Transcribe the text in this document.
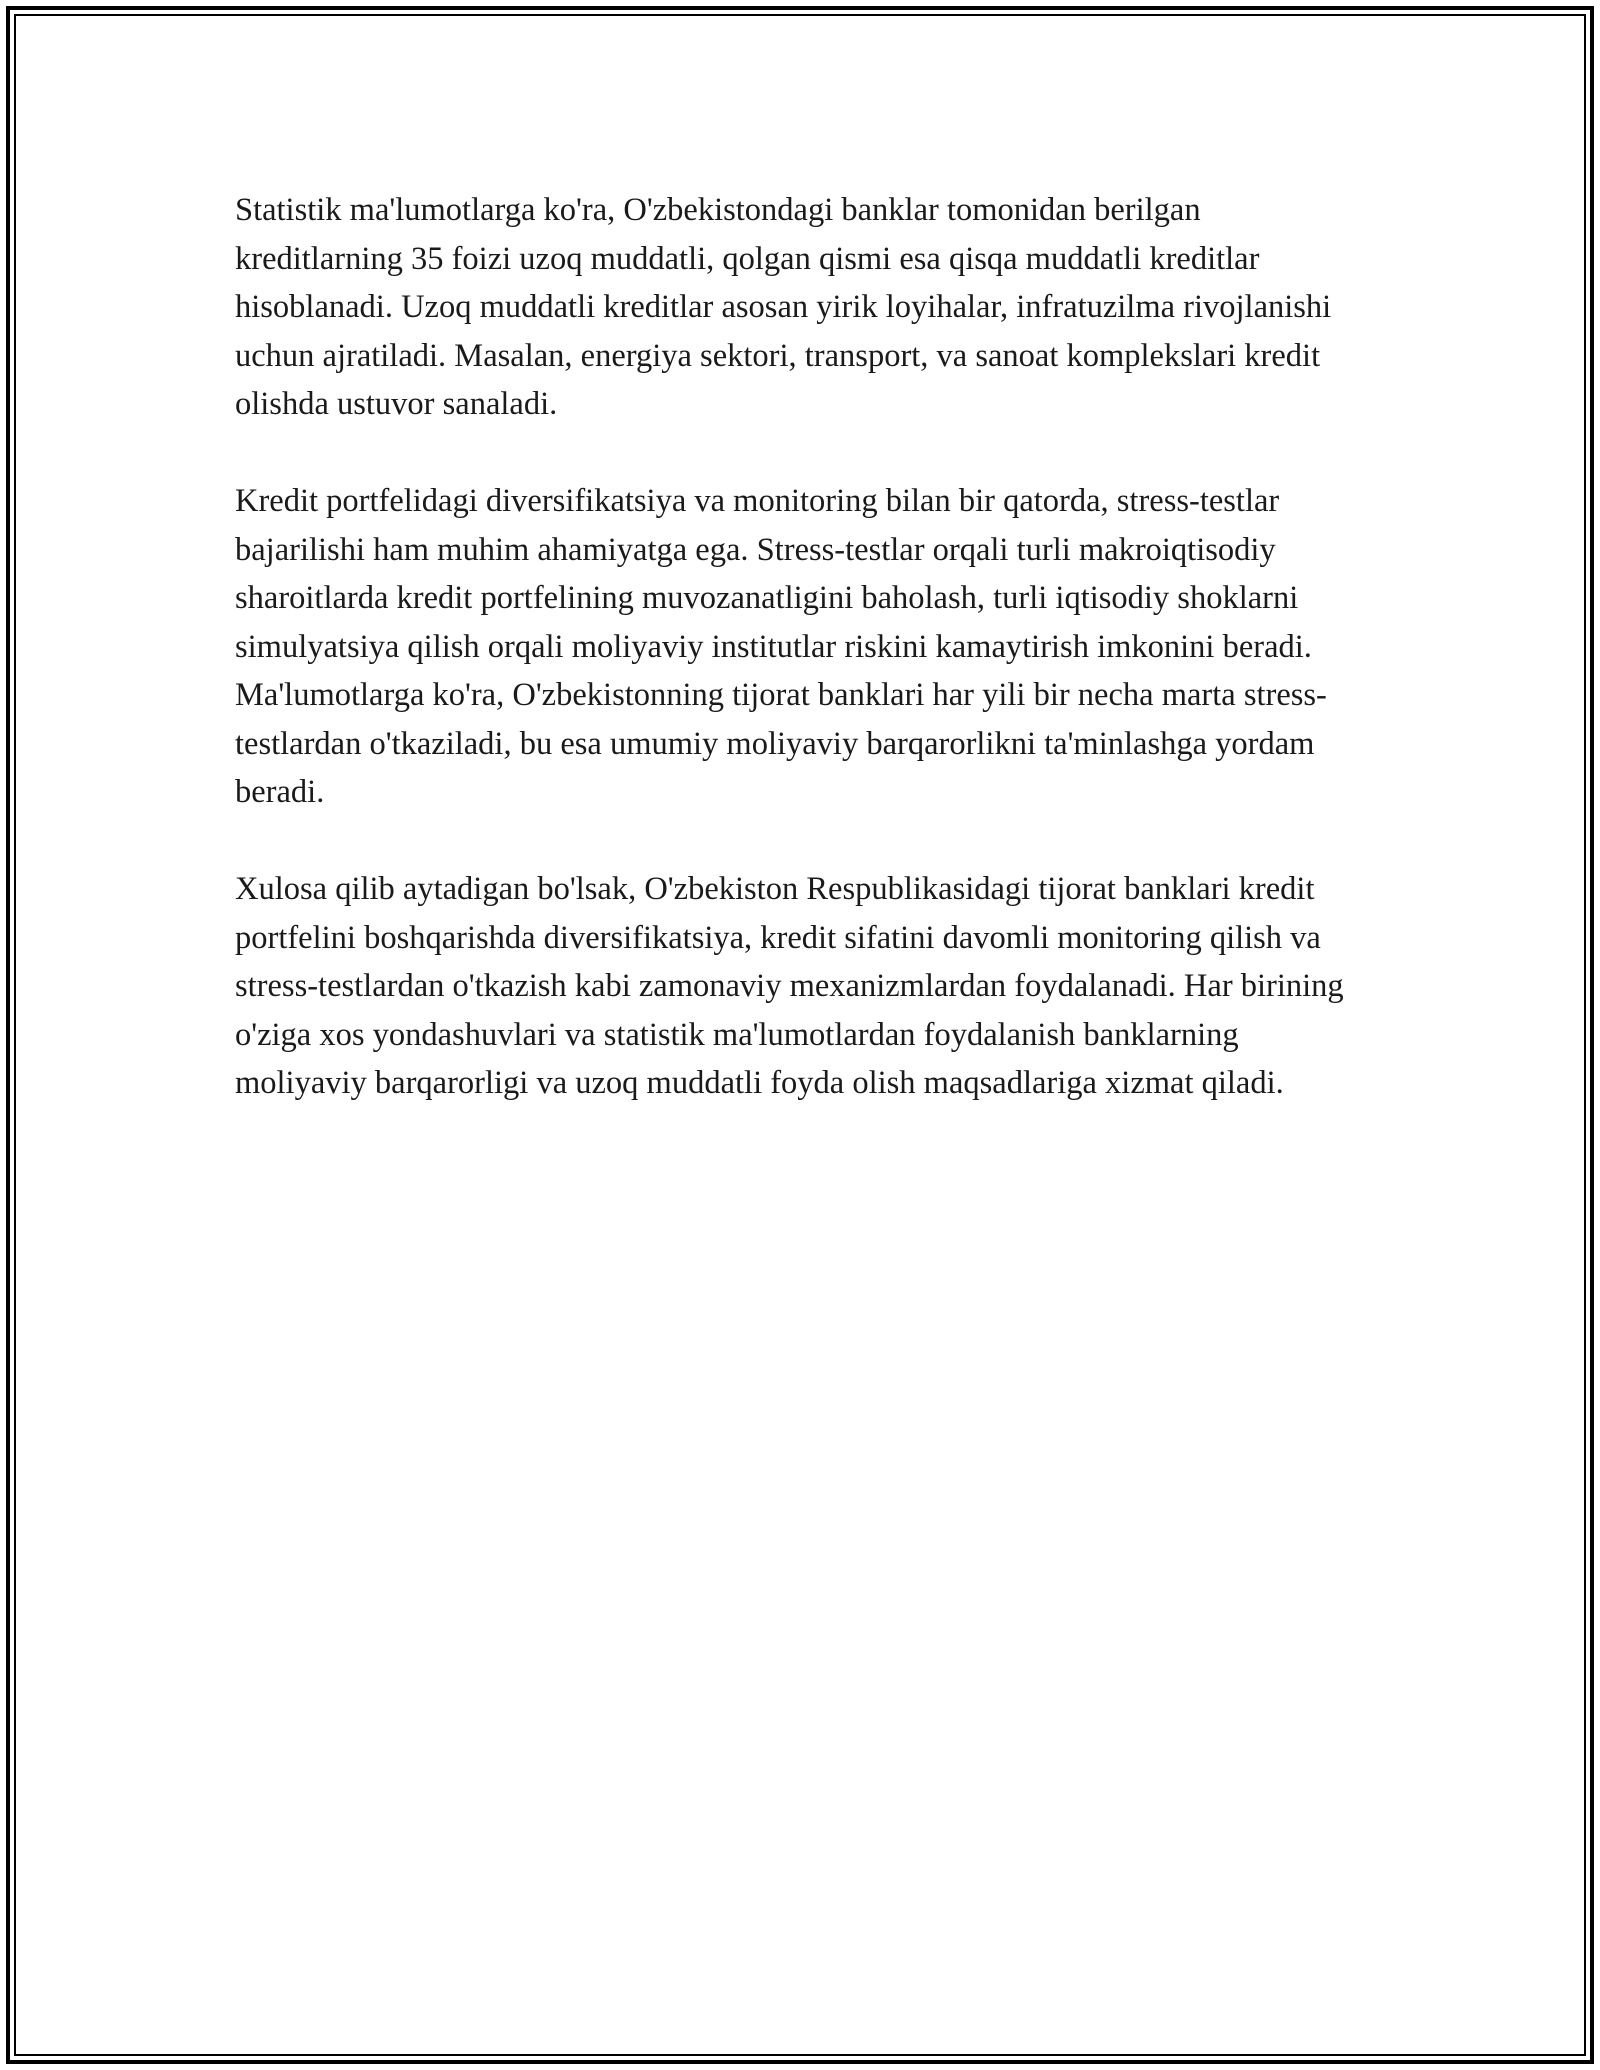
Statistik ma'lumotlarga ko'ra, O'zbekistondagi banklar tomonidan berilgan kreditlarning 35 foizi uzoq muddatli, qolgan qismi esa qisqa muddatli kreditlar hisoblanadi. Uzoq muddatli kreditlar asosan yirik loyihalar, infratuzilma rivojlanishi uchun ajratiladi. Masalan, energiya sektori, transport, va sanoat komplekslari kredit olishda ustuvor sanaladi.

Kredit portfelidagi diversifikatsiya va monitoring bilan bir qatorda, stress-testlar bajarilishi ham muhim ahamiyatga ega. Stress-testlar orqali turli makroiqtisodiy sharoitlarda kredit portfelining muvozanatligini baholash, turli iqtisodiy shoklarni simulyatsiya qilish orqali moliyaviy institutlar riskini kamaytirish imkonini beradi. Ma'lumotlarga ko'ra, O'zbekistonning tijorat banklari har yili bir necha marta stress-testlardan o'tkaziladi, bu esa umumiy moliyaviy barqarorlikni ta'minlashga yordam beradi.

Xulosa qilib aytadigan bo'lsak, O'zbekiston Respublikasidagi tijorat banklari kredit portfelini boshqarishda diversifikatsiya, kredit sifatini davomli monitoring qilish va stress-testlardan o'tkazish kabi zamonaviy mexanizmlardan foydalanadi. Har birining o'ziga xos yondashuvlari va statistik ma'lumotlardan foydalanish banklarning moliyaviy barqarorligi va uzoq muddatli foyda olish maqsadlariga xizmat qiladi.
